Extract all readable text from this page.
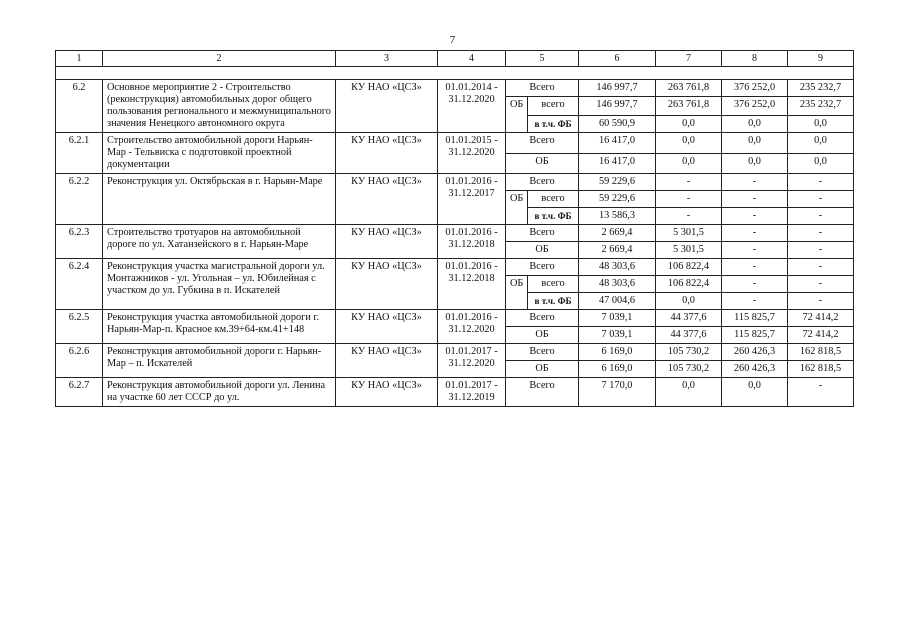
7
1	2	3	4	5		6	7	8	9

6.2	Основное мероприятие 2 - Строительство (реконструкция) автомобильных дорог общего пользования регионального и межмуниципального значения Ненецкого автономного округа	КУ НАО «ЦСЗ»	01.01.2014 - 31.12.2020	Всего		146 997,7	263 761,8	376 252,0	235 232,7
				ОБ	всего	146 997,7	263 761,8	376 252,0	235 232,7
					в т.ч. ФБ	60 590,9	0,0	0,0	0,0
6.2.1	Строительство автомобильной дороги Нарьян-Мар - Тельвиска с подготовкой проектной документации	КУ НАО «ЦСЗ»	01.01.2015 - 31.12.2020	Всего		16 417,0	0,0	0,0	0,0
				ОБ		16 417,0	0,0	0,0	0,0
6.2.2	Реконструкция ул. Октябрьская в г. Нарьян-Маре	КУ НАО «ЦСЗ»	01.01.2016 - 31.12.2017	Всего		59 229,6	-	-	-
				ОБ	всего	59 229,6	-	-	-
					в т.ч. ФБ	13 586,3	-	-	-
6.2.3	Строительство тротуаров на автомобильной дороге по ул. Хатанзейского в г. Нарьян-Маре	КУ НАО «ЦСЗ»	01.01.2016 - 31.12.2018	Всего		2 669,4	5 301,5	-	-
				ОБ		2 669,4	5 301,5	-	-
6.2.4	Реконструкция участка магистральной дороги ул. Монтажников - ул. Угольная – ул. Юбилейная с участком до ул. Губкина в п. Искателей	КУ НАО «ЦСЗ»	01.01.2016 - 31.12.2018	Всего		48 303,6	106 822,4	-	-
				ОБ	всего	48 303,6	106 822,4	-	-
					в т.ч. ФБ	47 004,6	0,0	-	-
6.2.5	Реконструкция участка автомобильной дороги г. Нарьян-Мар-п. Красное км.39+64-км.41+148	КУ НАО «ЦСЗ»	01.01.2016 - 31.12.2020	Всего		7 039,1	44 377,6	115 825,7	72 414,2
				ОБ		7 039,1	44 377,6	115 825,7	72 414,2
6.2.6	Реконструкция автомобильной дороги г. Нарьян-Мар – п. Искателей	КУ НАО «ЦСЗ»	01.01.2017 - 31.12.2020	Всего		6 169,0	105 730,2	260 426,3	162 818,5
				ОБ		6 169,0	105 730,2	260 426,3	162 818,5
6.2.7	Реконструкция автомобильной дороги ул. Ленина на участке 60 лет СССР до ул.	КУ НАО «ЦСЗ»	01.01.2017 - 31.12.2019	Всего		7 170,0	0,0	0,0	-
